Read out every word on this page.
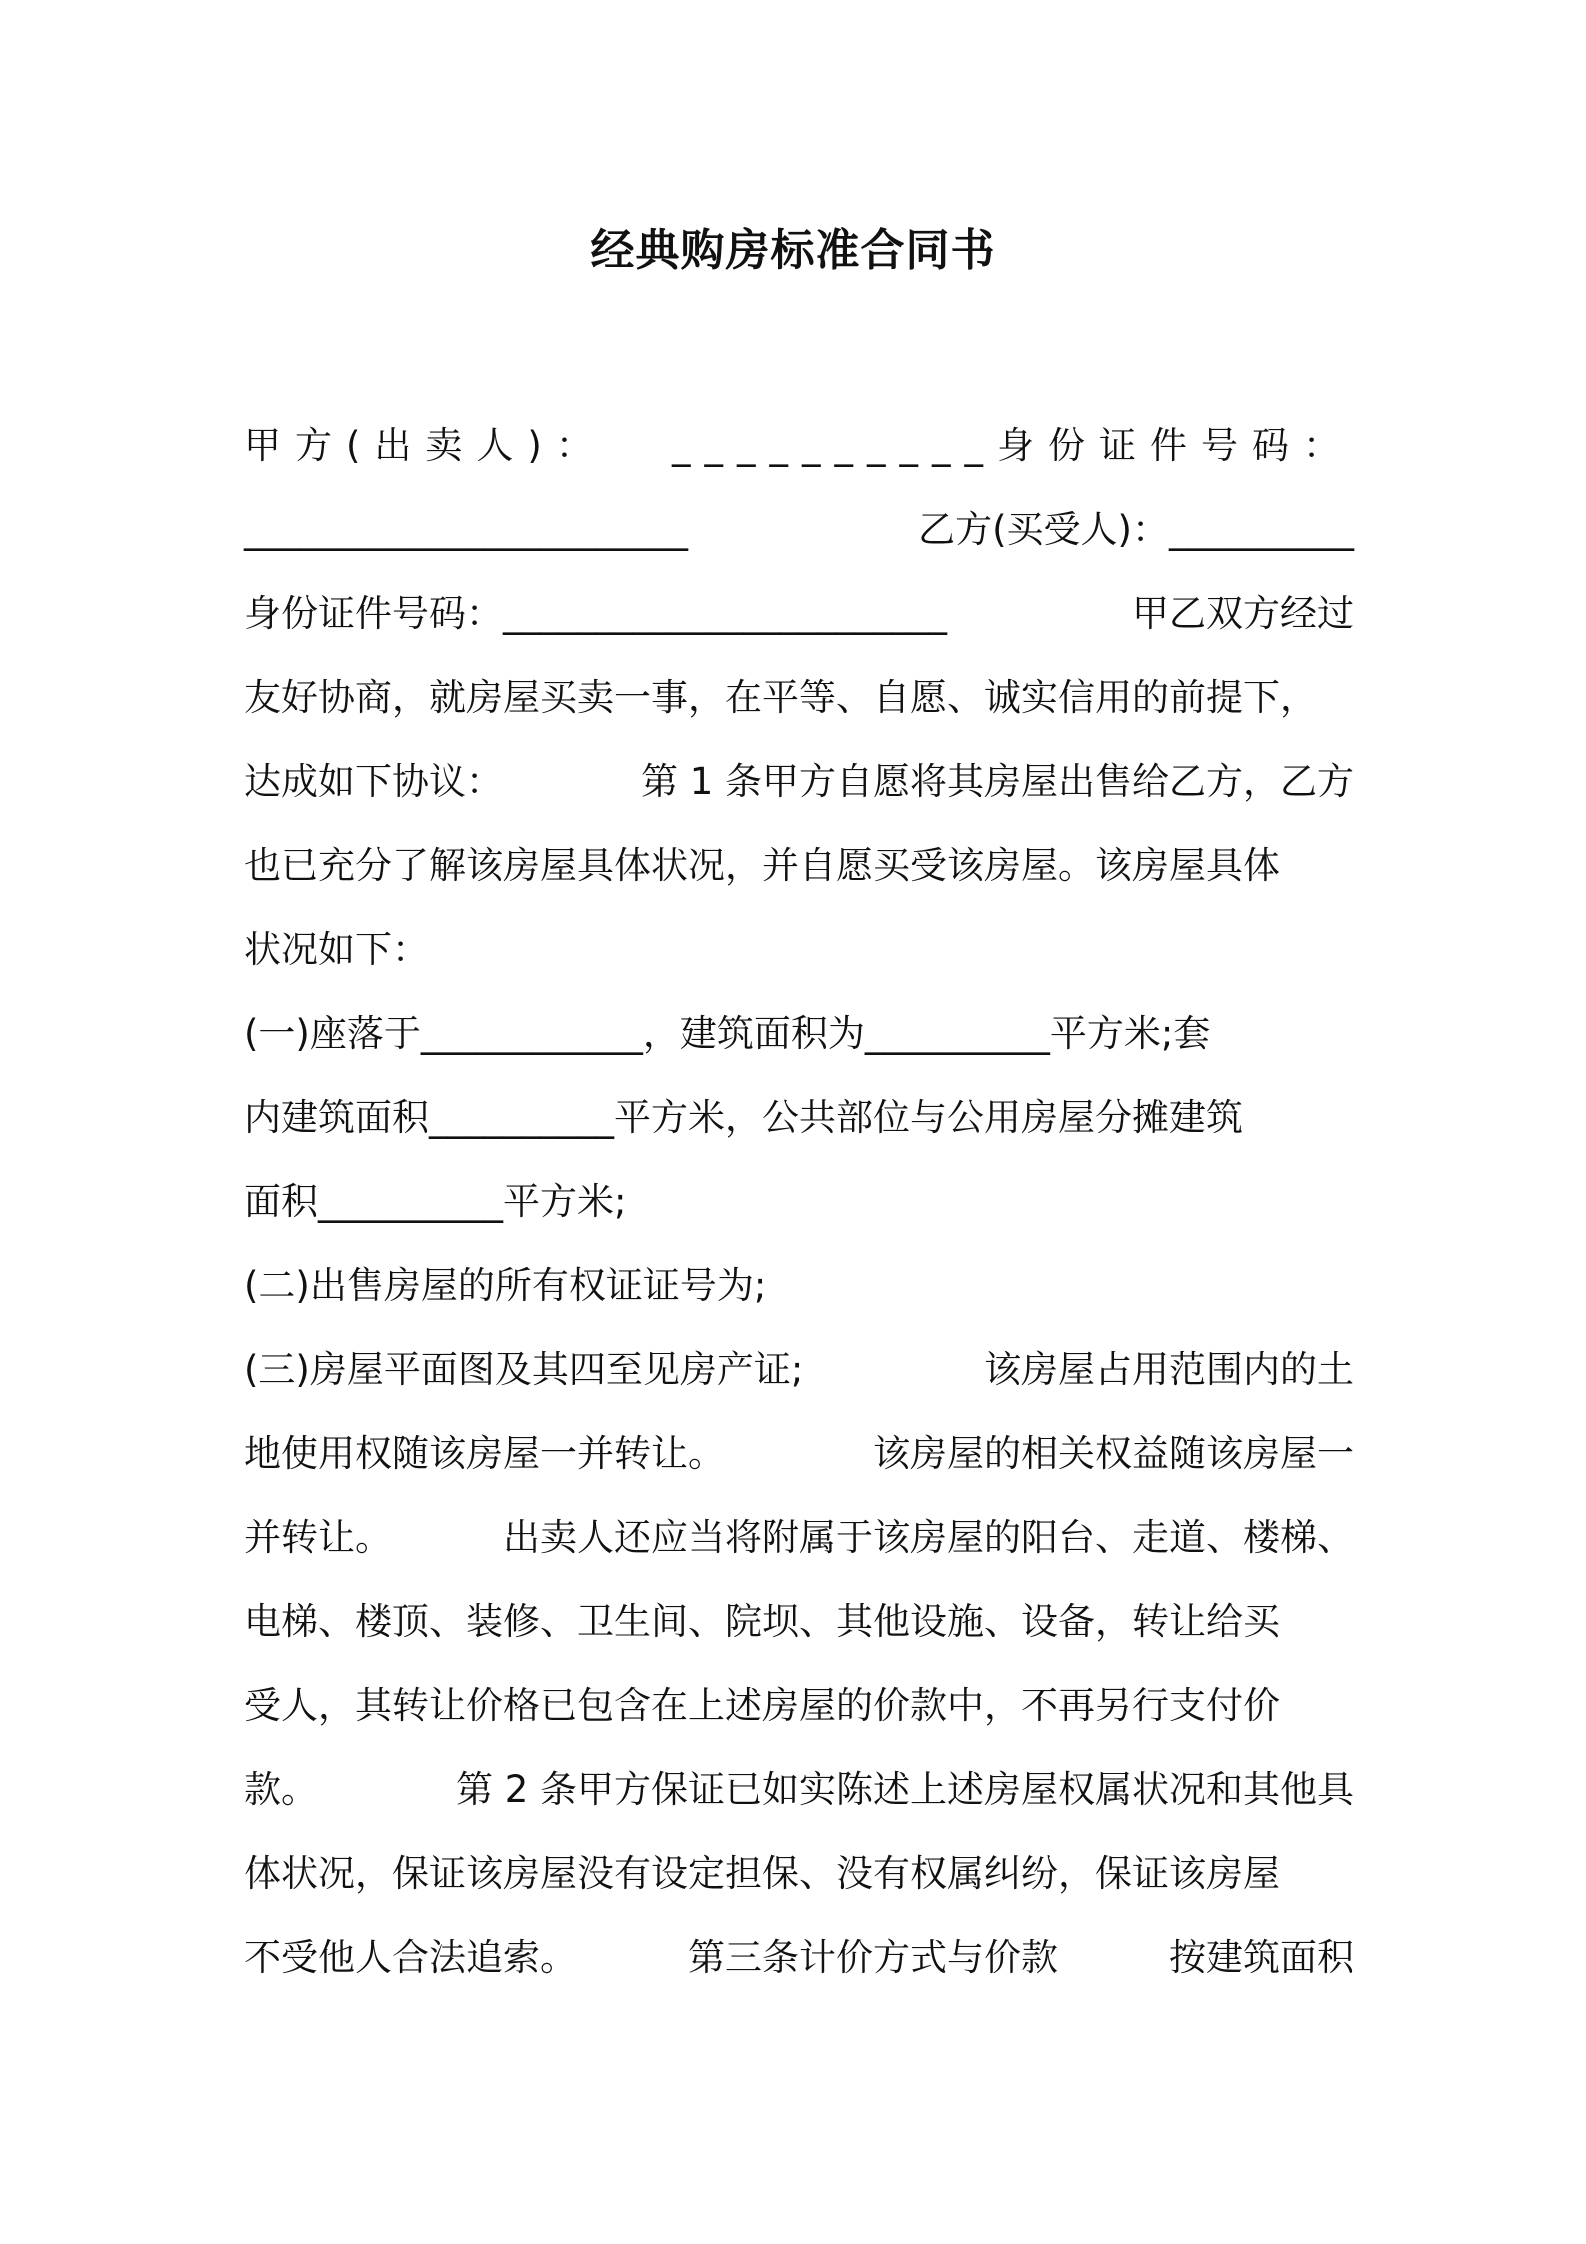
经典购房标准合同书
甲方(出卖人)： __________身份证件号码：
________________________	乙方(买受人)：__________
身份证件号码：________________________	甲乙双方经过
友好协商，就房屋买卖一事，在平等、自愿、诚实信用的前提下，
达成如下协议：	第 1 条甲方自愿将其房屋出售给乙方，乙方
也已充分了解该房屋具体状况，并自愿买受该房屋。该房屋具体
状况如下：
(一)座落于____________，建筑面积为__________平方米;套
内建筑面积__________平方米，公共部位与公用房屋分摊建筑
面积__________平方米;
(二)出售房屋的所有权证证号为;
(三)房屋平面图及其四至见房产证;	该房屋占用范围内的土
地使用权随该房屋一并转让。	该房屋的相关权益随该房屋一
并转让。	出卖人还应当将附属于该房屋的阳台、走道、楼梯、
电梯、楼顶、装修、卫生间、院坝、其他设施、设备，转让给买
受人，其转让价格已包含在上述房屋的价款中，不再另行支付价
款。	第 2 条甲方保证已如实陈述上述房屋权属状况和其他具
体状况，保证该房屋没有设定担保、没有权属纠纷，保证该房屋
不受他人合法追索。	第三条计价方式与价款	按建筑面积
